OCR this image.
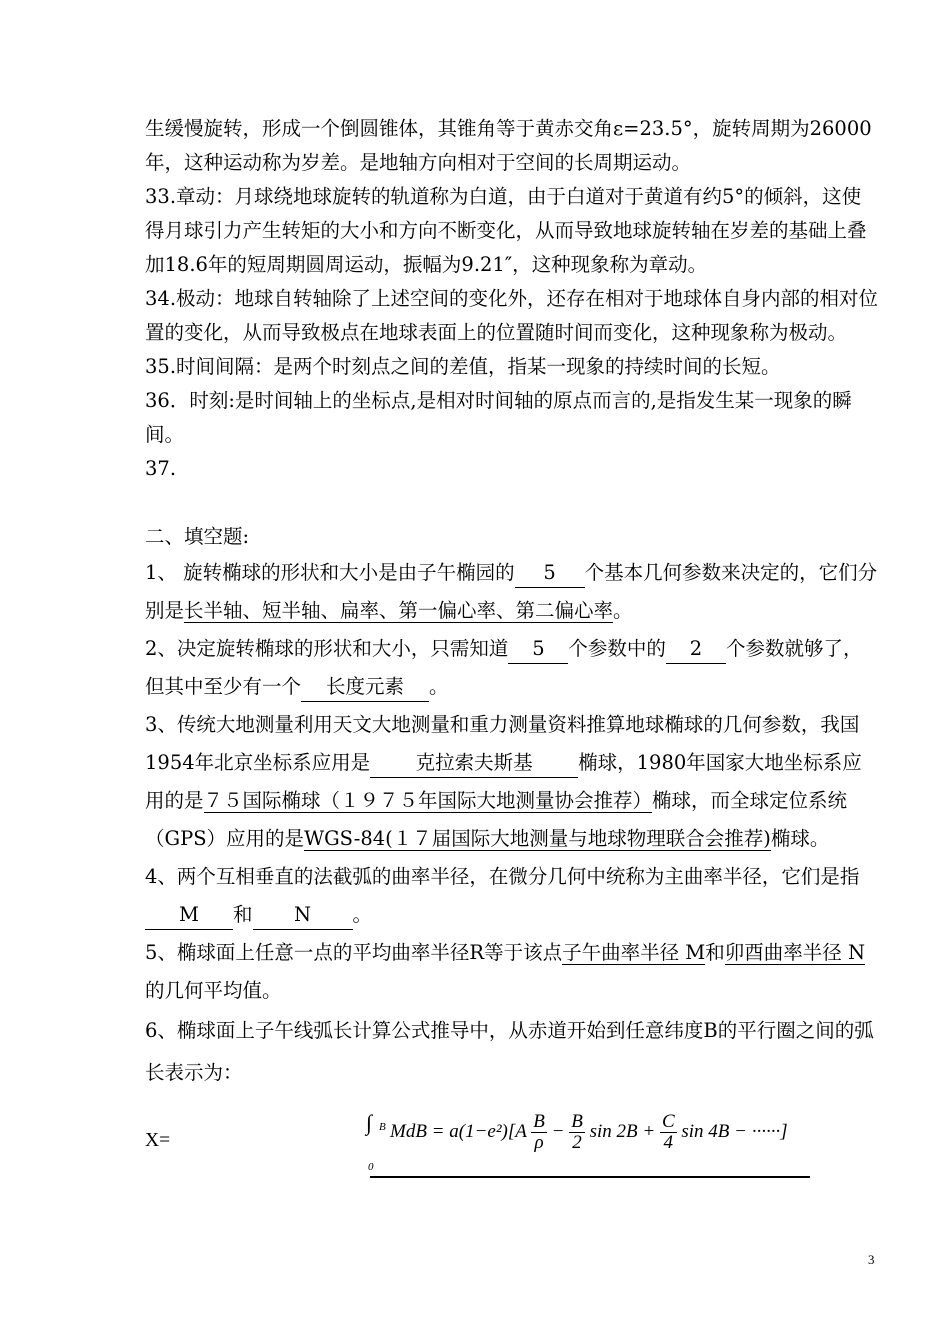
生缓慢旋转，形成一个倒圆锥体，其锥角等于黄赤交角ε=23.5°，旋转周期为26000年，这种运动称为岁差。是地轴方向相对于空间的长周期运动。

33.章动：月球绕地球旋转的轨道称为白道，由于白道对于黄道有约5°的倾斜，这使得月球引力产生转矩的大小和方向不断变化，从而导致地球旋转轴在岁差的基础上叠加18.6年的短周期圆周运动，振幅为9.21″，这种现象称为章动。

34.极动：地球自转轴除了上述空间的变化外，还存在相对于地球体自身内部的相对位置的变化，从而导致极点在地球表面上的位置随时间而变化，这种现象称为极动。

35.时间间隔：是两个时刻点之间的差值，指某一现象的持续时间的长短。

36．时刻:是时间轴上的坐标点,是相对时间轴的原点而言的,是指发生某一现象的瞬间。

37.

二、填空题:

1、 旋转椭球的形状和大小是由子午椭园的 5 个基本几何参数来决定的，它们分别是长半轴、短半轴、扁率、第一偏心率、第二偏心率。

2、决定旋转椭球的形状和大小，只需知道 5 个参数中的 2 个参数就够了，但其中至少有一个 长度元素 。

3、传统大地测量利用天文大地测量和重力测量资料推算地球椭球的几何参数，我国1954年北京坐标系应用是 克拉索夫斯基 椭球，1980年国家大地坐标系应用的是７５国际椭球（１９７５年国际大地测量协会推荐）椭球，而全球定位系统（GPS）应用的是WGS-84(１７届国际大地测量与地球物理联合会推荐)椭球。

4、两个互相垂直的法截弧的曲率半径，在微分几何中统称为主曲率半径，它们是指M 和 N 。

5、椭球面上任意一点的平均曲率半径R等于该点子午曲率半径 M和卯酉曲率半径 N的几何平均值。

6、椭球面上子午线弧长计算公式推导中，从赤道开始到任意纬度B的平行圈之间的弧长表示为：

X=
∫ B
0
MdB = $a(1-e^2)[A \frac{B}{\rho} - \frac{B}{2}$ $\sin 2B + \frac{C}{4}$ sin 4B − ······]
3
